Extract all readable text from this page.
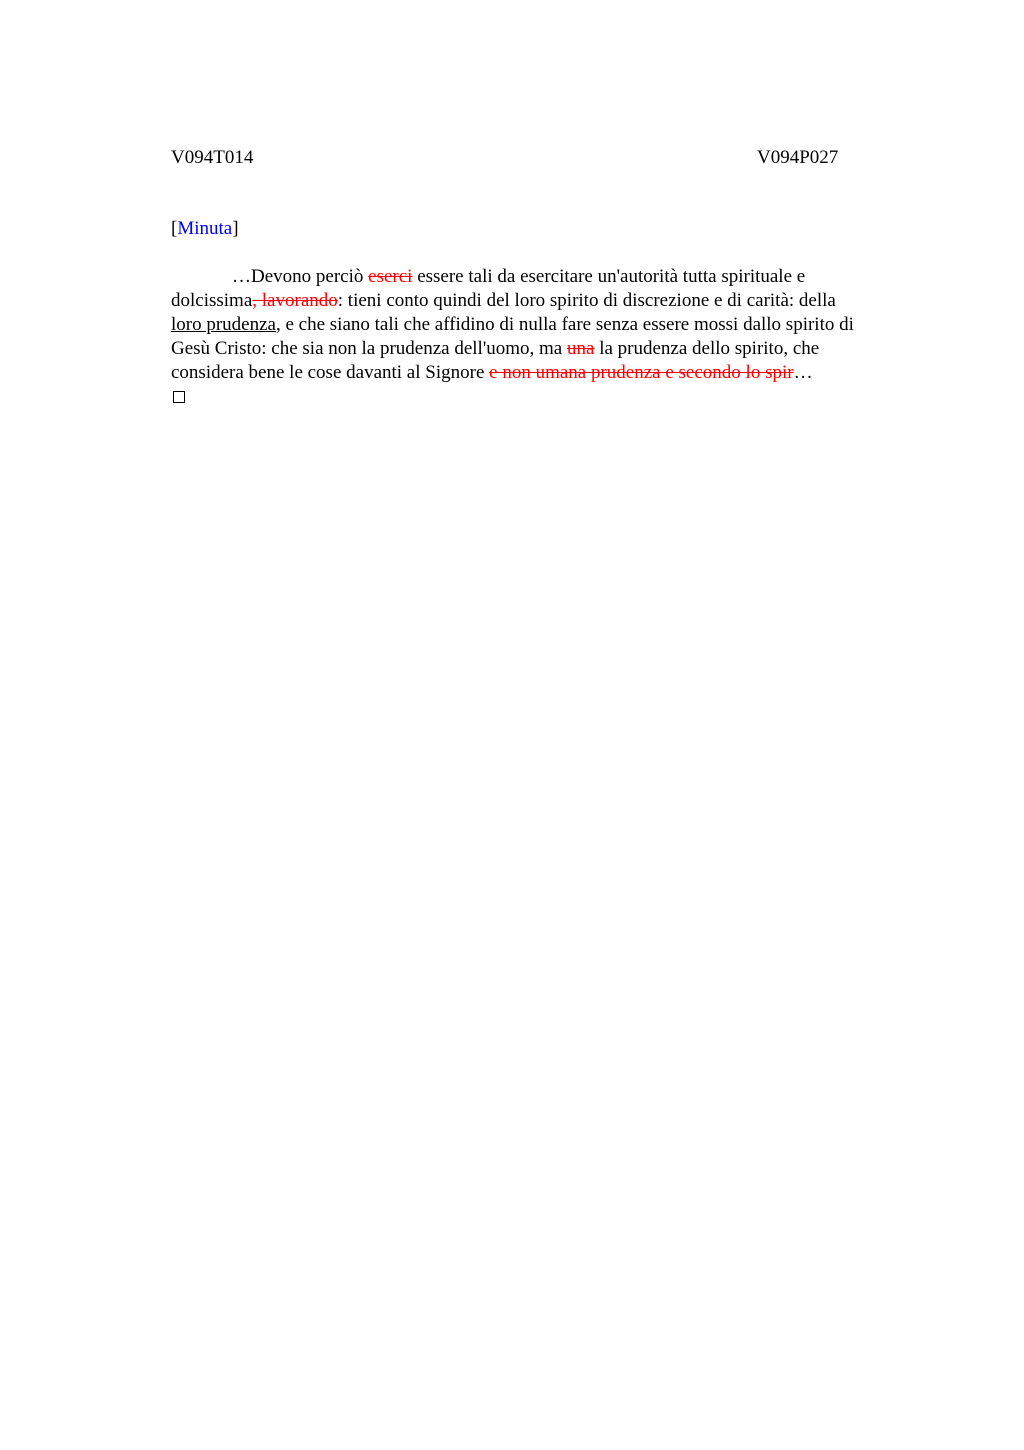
V094T014	V094P027
[Minuta]
…Devono perciò eserci essere tali da esercitare un'autorità tutta spirituale e
dolcissima, lavorando: tieni conto quindi del loro spirito di discrezione e di carità: della
loro prudenza, e che siano tali che affidino di nulla fare senza essere mossi dallo spirito di
Gesù Cristo: che sia non la prudenza dell'uomo, ma una la prudenza dello spirito, che
considera bene le cose davanti al Signore e non umana prudenza e secondo lo spir…
